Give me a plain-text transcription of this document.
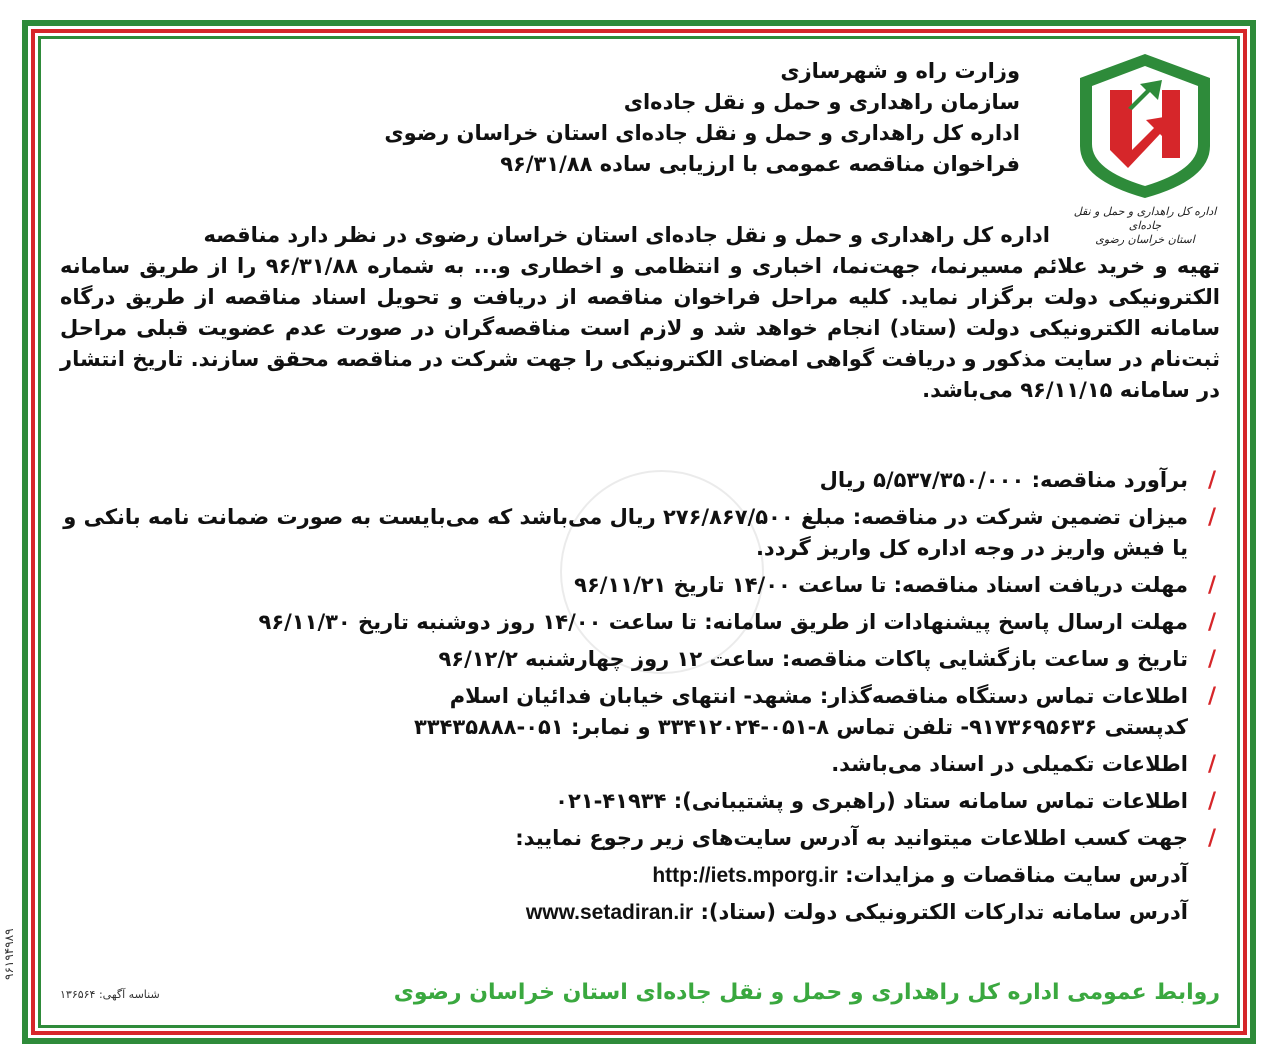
۹۶۱۹۴۹۸۹
اداره کل راهداری و حمل و نقل جاده‌ای
استان خراسان رضوی
وزارت راه و شهرسازی
سازمان راهداری و حمل و نقل جاده‌ای
اداره کل راهداری و حمل و نقل جاده‌ای استان خراسان رضوی
فراخوان مناقصه عمومی با ارزیابی ساده ۹۶/۳۱/۸۸
اداره کل راهداری و حمل و نقل جاده‌ای استان خراسان رضوی در نظر دارد مناقصه
تهیه و خرید علائم مسیرنما، جهت‌نما، اخباری و انتظامی و اخطاری و... به شماره ۹۶/۳۱/۸۸ را از طریق سامانه الکترونیکی دولت برگزار نماید. کلیه مراحل فراخوان مناقصه از دریافت و تحویل اسناد مناقصه از طریق درگاه سامانه الکترونیکی دولت (ستاد) انجام خواهد شد و لازم است مناقصه‌گران در صورت عدم عضویت قبلی مراحل ثبت‌نام در سایت مذکور و دریافت گواهی امضای الکترونیکی را جهت شرکت در مناقصه محقق سازند. تاریخ انتشار در سامانه ۹۶/۱۱/۱۵ می‌باشد.
/
برآورد مناقصه: ۵/۵۳۷/۳۵۰/۰۰۰ ریال
/
میزان تضمین شرکت در مناقصه: مبلغ ۲۷۶/۸۶۷/۵۰۰ ریال می‌باشد که می‌بایست به صورت ضمانت نامه بانکی و یا فیش واریز در وجه اداره کل واریز گردد.
/
مهلت دریافت اسناد مناقصه: تا ساعت ۱۴/۰۰ تاریخ ۹۶/۱۱/۲۱
/
مهلت ارسال پاسخ پیشنهادات از طریق سامانه: تا ساعت ۱۴/۰۰ روز دوشنبه تاریخ ۹۶/۱۱/۳۰
/
تاریخ و ساعت بازگشایی پاکات مناقصه: ساعت ۱۲ روز چهارشنبه ۹۶/۱۲/۲
/
اطلاعات تماس دستگاه مناقصه‌گذار: مشهد- انتهای خیابان فدائیان اسلام
کدپستی ۹۱۷۳۶۹۵۶۳۶- تلفن تماس ۸-۰۵۱-۳۳۴۱۲۰۲۴ و نمابر: ۰۵۱-۳۳۴۳۵۸۸۸
/
اطلاعات تکمیلی در اسناد می‌باشد.
/
اطلاعات تماس سامانه ستاد (راهبری و پشتیبانی): ۴۱۹۳۴-۰۲۱
/
جهت کسب اطلاعات میتوانید به آدرس سایت‌های زیر رجوع نمایید:
آدرس سایت مناقصات و مزایدات: http://iets.mporg.ir
آدرس سامانه تدارکات الکترونیکی دولت (ستاد): www.setadiran.ir
روابط عمومی اداره کل راهداری و حمل و نقل جاده‌ای استان خراسان رضوی
شناسه آگهی: ۱۳۶۵۶۴
